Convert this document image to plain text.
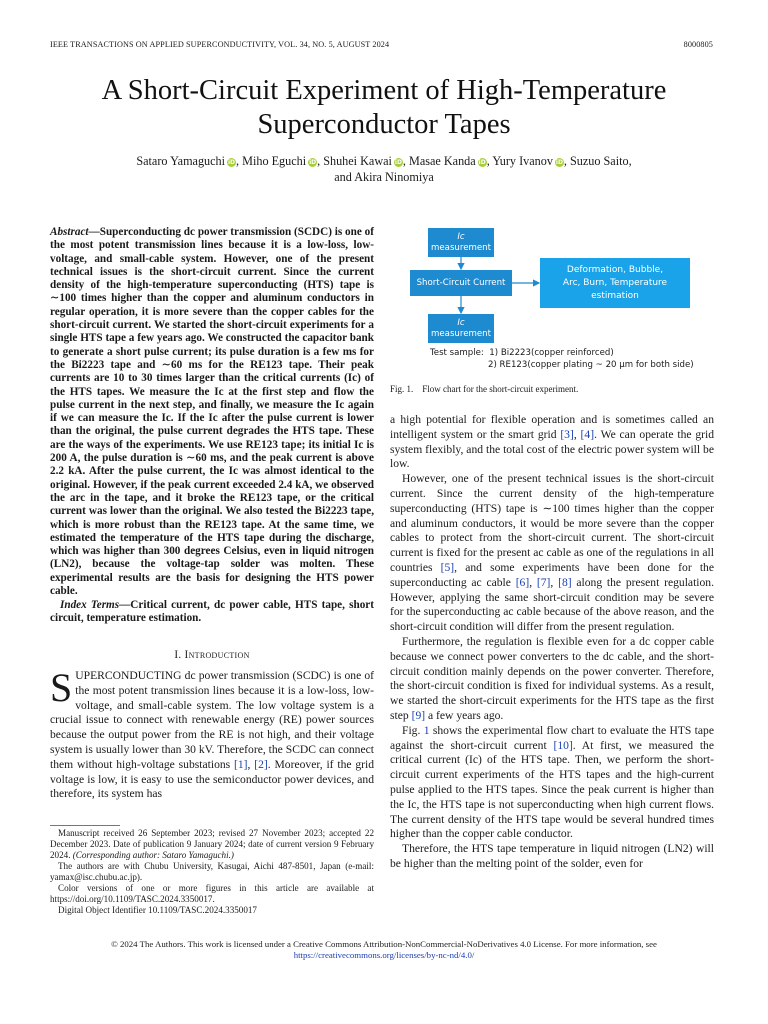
IEEE TRANSACTIONS ON APPLIED SUPERCONDUCTIVITY, VOL. 34, NO. 5, AUGUST 2024	8000805
A Short-Circuit Experiment of High-Temperature
Superconductor Tapes
Sataro Yamaguchi iD, Miho Eguchi iD, Shuhei Kawai iD, Masae Kanda iD, Yury Ivanov iD, Suzuo Saito,
and Akira Ninomiya

Abstract—Superconducting dc power transmission (SCDC) is one of the most potent transmission lines because it is a low-loss, low-voltage, and small-cable system. However, one of the present technical issues is the short-circuit current. Since the current density of the high-temperature superconducting (HTS) tape is ∼100 times higher than the copper and aluminum conductors in regular operation, it is more severe than the copper cables for the short-circuit current. We started the short-circuit experiments for a single HTS tape a few years ago. We constructed the capacitor bank to generate a short pulse current; its pulse duration is a few ms for the Bi2223 tape and ∼60 ms for the RE123 tape. Their peak currents are 10 to 30 times larger than the critical currents (Ic) of the HTS tapes. We measure the Ic at the first step and flow the pulse current in the next step, and finally, we measure the Ic again if we can measure the Ic. If the Ic after the pulse current is lower than the original, the pulse current degrades the HTS tape. These are the ways of the experiments. We use RE123 tape; its initial Ic is 200 A, the pulse duration is ∼60 ms, and the peak current is above 2.2 kA. After the pulse current, the Ic was almost identical to the original. However, if the peak current exceeded 2.4 kA, we observed the arc in the tape, and it broke the RE123 tape, or the critical current was lower than the original. We also tested the Bi2223 tape, which is more robust than the RE123 tape. At the same time, we estimated the temperature of the HTS tape during the discharge, which was higher than 300 degrees Celsius, even in liquid nitrogen (LN2), because the voltage-tap solder was molten. These experimental results are the basis for designing the HTS power cable.

Index Terms—Critical current, dc power cable, HTS tape, short circuit, temperature estimation.

I. Introduction

SUPERCONDUCTING dc power transmission (SCDC) is one of the most potent transmission lines because it is a low-loss, low-voltage, and small-cable system. The low voltage system is a crucial issue to connect with renewable energy (RE) power sources because the output power from the RE is not high, and their voltage system is usually lower than 30 kV. Therefore, the SCDC can connect them without high-voltage substations [1], [2]. Moreover, if the grid voltage is low, it is easy to use the semiconductor power devices, and therefore, its system has

Manuscript received 26 September 2023; revised 27 November 2023; accepted 22 December 2023. Date of publication 9 January 2024; date of current version 9 February 2024. (Corresponding author: Sataro Yamaguchi.)

The authors are with Chubu University, Kasugai, Aichi 487-8501, Japan (e-mail: yamax@isc.chubu.ac.jp).

Color versions of one or more figures in this article are available at https://doi.org/10.1109/TASC.2024.3350017.

Digital Object Identifier 10.1109/TASC.2024.3350017

© 2024 The Authors. This work is licensed under a Creative Commons Attribution-NonCommercial-NoDerivatives 4.0 License. For more information, see
https://creativecommons.org/licenses/by-nc-nd/4.0/
Ic
measurement
Short-Circuit Current
Ic
measurement
Deformation, Bubble,
Arc, Burn, Temperature estimation
Test sample: 1) Bi2223(copper reinforced)
2) RE123(copper plating ~ 20 μm for both side)
Fig. 1. Flow chart for the short-circuit experiment.

a high potential for flexible operation and is sometimes called an intelligent system or the smart grid [3], [4]. We can operate the grid system flexibly, and the total cost of the electric power system will be low.

However, one of the present technical issues is the short-circuit current. Since the current density of the high-temperature superconducting (HTS) tape is ∼100 times higher than the copper and aluminum conductors, it would be more severe than the copper cables to protect from the short-circuit current. The short-circuit current is fixed for the present ac cable as one of the regulations in all countries [5], and some experiments have been done for the superconducting ac cable [6], [7], [8] along the present regulation. However, applying the same short-circuit condition may be severe for the superconducting ac cable because of the above reason, and the short-circuit condition will differ from the present regulation.

Furthermore, the regulation is flexible even for a dc copper cable because we connect power converters to the dc cable, and the short-circuit condition mainly depends on the power converter. Therefore, the short-circuit condition is fixed for individual systems. As a result, we started the short-circuit experiments for the HTS tape as the first step [9] a few years ago.

Fig. 1 shows the experimental flow chart to evaluate the HTS tape against the short-circuit current [10]. At first, we measured the critical current (Ic) of the HTS tape. Then, we perform the short-circuit current experiments of the HTS tapes and the high-current pulse applied to the HTS tapes. Since the peak current is higher than the Ic, the HTS tape is not superconducting when high current flows. The current density of the HTS tape would be several hundred times higher than the copper cable conductor.

Therefore, the HTS tape temperature in liquid nitrogen (LN2) will be higher than the melting point of the solder, even for
